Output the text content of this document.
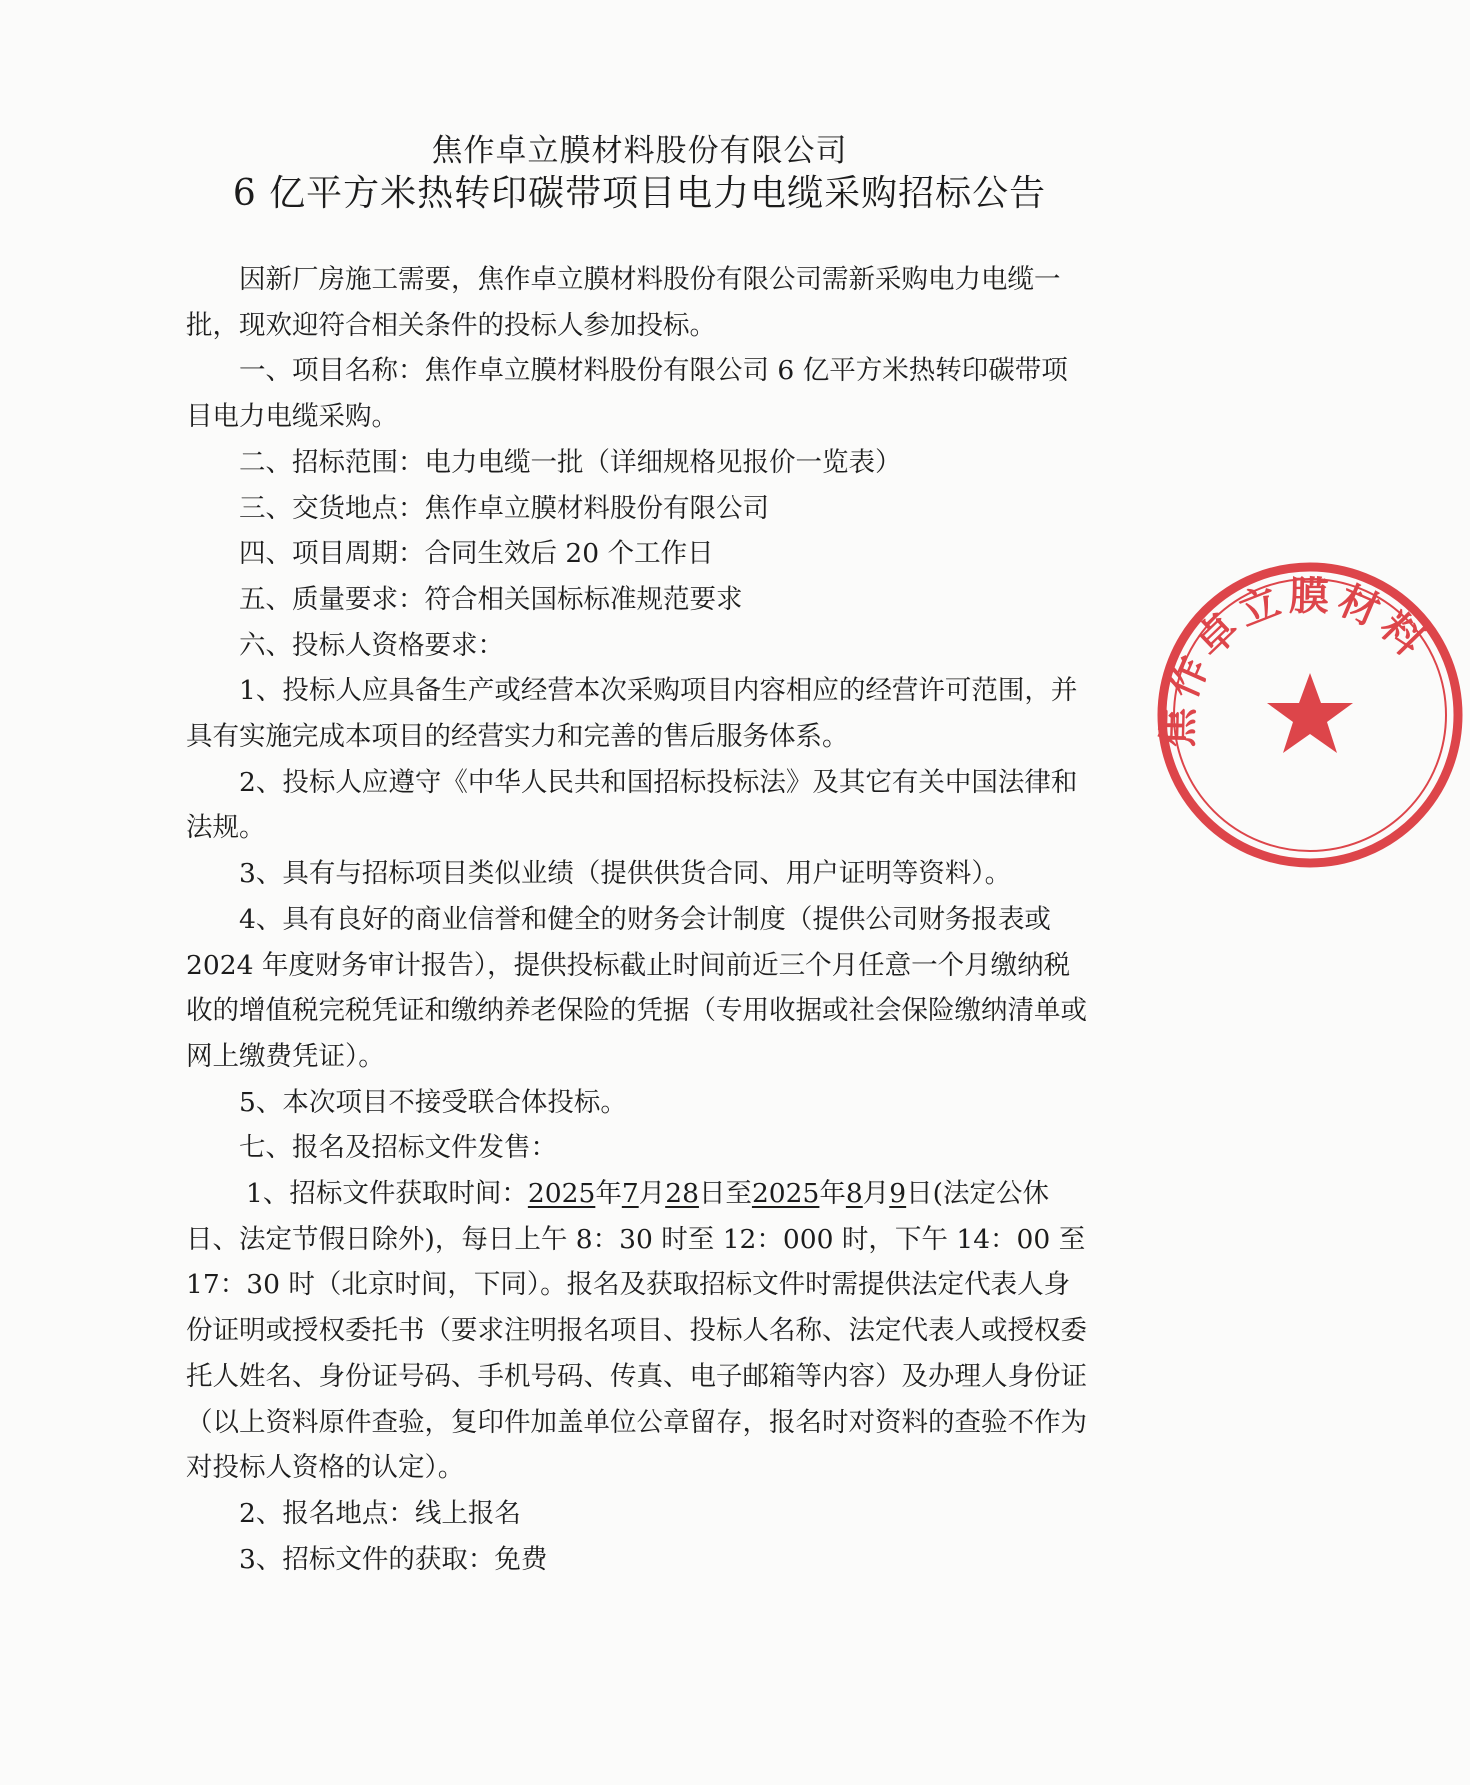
焦作卓立膜材料股份有限公司
6 亿平方米热转印碳带项目电力电缆采购招标公告

因新厂房施工需要，焦作卓立膜材料股份有限公司需新采购电力电缆一批，现欢迎符合相关条件的投标人参加投标。

一、项目名称：焦作卓立膜材料股份有限公司 6 亿平方米热转印碳带项目电力电缆采购。

二、招标范围：电力电缆一批（详细规格见报价一览表）

三、交货地点：焦作卓立膜材料股份有限公司

四、项目周期：合同生效后 20 个工作日

五、质量要求：符合相关国标标准规范要求

六、投标人资格要求：

1、投标人应具备生产或经营本次采购项目内容相应的经营许可范围，并具有实施完成本项目的经营实力和完善的售后服务体系。

2、投标人应遵守《中华人民共和国招标投标法》及其它有关中国法律和法规。

3、具有与招标项目类似业绩（提供供货合同、用户证明等资料）。

4、具有良好的商业信誉和健全的财务会计制度（提供公司财务报表或 2024 年度财务审计报告），提供投标截止时间前近三个月任意一个月缴纳税收的增值税完税凭证和缴纳养老保险的凭据（专用收据或社会保险缴纳清单或网上缴费凭证）。

5、本次项目不接受联合体投标。

七、报名及招标文件发售：

1、招标文件获取时间：2025年7月28日至2025年8月9日(法定公休日、法定节假日除外)，每日上午 8：30 时至 12：000 时，下午 14：00 至 17：30 时（北京时间，下同）。报名及获取招标文件时需提供法定代表人身份证明或授权委托书（要求注明报名项目、投标人名称、法定代表人或授权委托人姓名、身份证号码、手机号码、传真、电子邮箱等内容）及办理人身份证（以上资料原件查验，复印件加盖单位公章留存，报名时对资料的查验不作为对投标人资格的认定）。

2、报名地点：线上报名

3、招标文件的获取：免费

焦作卓立膜材料
